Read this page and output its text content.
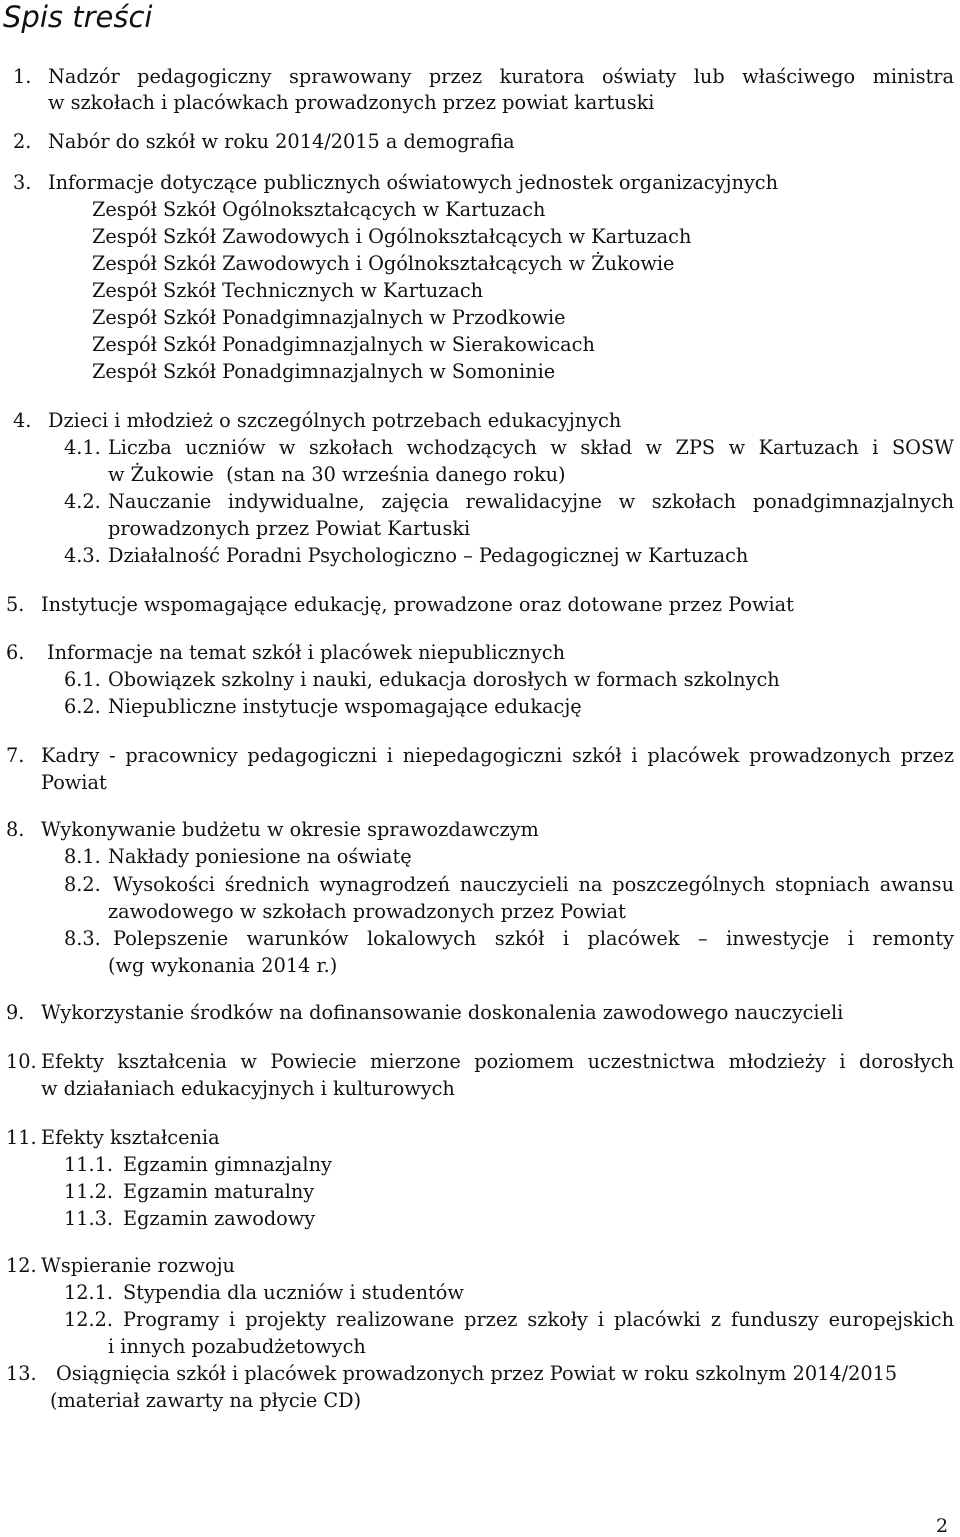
Spis treści
1. Nadzór pedagogiczny sprawowany przez kuratora oświaty lub właściwego ministra
w szkołach i placówkach prowadzonych przez powiat kartuski
2. Nabór do szkół w roku 2014/2015 a demografia
3. Informacje dotyczące publicznych oświatowych jednostek organizacyjnych
Zespół Szkół Ogólnokształcących w Kartuzach
Zespół Szkół Zawodowych i Ogólnokształcących w Kartuzach
Zespół Szkół Zawodowych i Ogólnokształcących w Żukowie
Zespół Szkół Technicznych w Kartuzach
Zespół Szkół Ponadgimnazjalnych w Przodkowie
Zespół Szkół Ponadgimnazjalnych w Sierakowicach
Zespół Szkół Ponadgimnazjalnych w Somoninie
4. Dzieci i młodzież o szczególnych potrzebach edukacyjnych
4.1. Liczba uczniów w szkołach wchodzących w skład w ZPS w Kartuzach i SOSW
w Żukowie  (stan na 30 września danego roku)
4.2. Nauczanie indywidualne, zajęcia rewalidacyjne w szkołach ponadgimnazjalnych
prowadzonych przez Powiat Kartuski
4.3. Działalność Poradni Psychologiczno – Pedagogicznej w Kartuzach
5. Instytucje wspomagające edukację, prowadzone oraz dotowane przez Powiat
6. Informacje na temat szkół i placówek niepublicznych
6.1. Obowiązek szkolny i nauki, edukacja dorosłych w formach szkolnych
6.2. Niepubliczne instytucje wspomagające edukację
7. Kadry - pracownicy pedagogiczni i niepedagogiczni szkół i placówek prowadzonych przez
Powiat
8. Wykonywanie budżetu w okresie sprawozdawczym
8.1. Nakłady poniesione na oświatę
8.2. Wysokości średnich wynagrodzeń nauczycieli na poszczególnych stopniach awansu
zawodowego w szkołach prowadzonych przez Powiat
8.3. Polepszenie warunków lokalowych szkół i placówek – inwestycje i remonty
(wg wykonania 2014 r.)
9. Wykorzystanie środków na dofinansowanie doskonalenia zawodowego nauczycieli
10. Efekty kształcenia w Powiecie mierzone poziomem uczestnictwa młodzieży i dorosłych
w działaniach edukacyjnych i kulturowych
11. Efekty kształcenia
11.1. Egzamin gimnazjalny
11.2. Egzamin maturalny
11.3. Egzamin zawodowy
12. Wspieranie rozwoju
12.1. Stypendia dla uczniów i studentów
12.2. Programy i projekty realizowane przez szkoły i placówki z funduszy europejskich
i innych pozabudżetowych
13. Osiągnięcia szkół i placówek prowadzonych przez Powiat w roku szkolnym 2014/2015
(materiał zawarty na płycie CD)
2
